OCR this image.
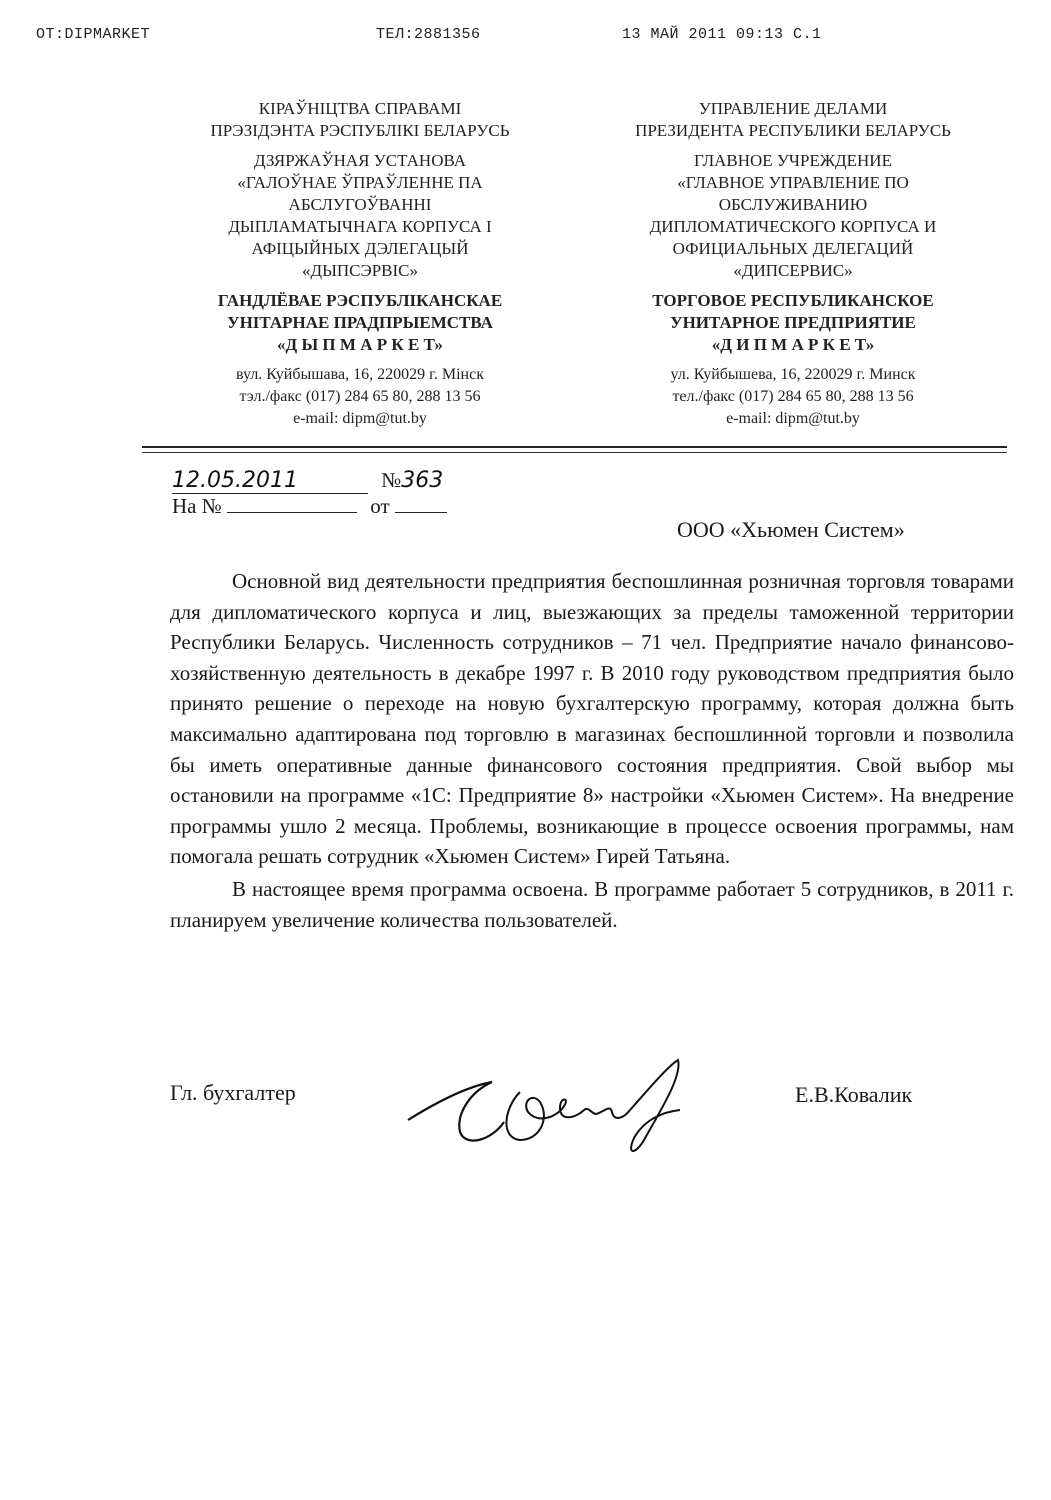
OT:DIPMARKET	ТЕЛ:2881356	13 МАЙ 2011 09:13 С.1
КІРАЎНІЦТВА СПРАВАМІ
ПРЭЗІДЭНТА РЭСПУБЛІКІ БЕЛАРУСЬ
ДЗЯРЖАЎНАЯ УСТАНОВА
«ГАЛОЎНАЕ ЎПРАЎЛЕННЕ ПА
АБСЛУГОЎВАННІ
ДЫПЛАМАТЫЧНАГА КОРПУСА І
АФІЦЫЙНЫХ ДЭЛЕГАЦЫЙ
«ДЫПСЭРВІС»
ГАНДЛЁВАЕ РЭСПУБЛІКАНСКАЕ
УНІТАРНАЕ ПРАДПРЫЕМСТВА
«Д Ы П М А Р К Е Т»
вул. Куйбышава, 16, 220029 г. Мінск
тэл./факс (017) 284 65 80, 288 13 56
e-mail: dipm@tut.by
УПРАВЛЕНИЕ ДЕЛАМИ
ПРЕЗИДЕНТА РЕСПУБЛИКИ БЕЛАРУСЬ
ГЛАВНОЕ УЧРЕЖДЕНИЕ
«ГЛАВНОЕ УПРАВЛЕНИЕ ПО
ОБСЛУЖИВАНИЮ
ДИПЛОМАТИЧЕСКОГО КОРПУСА И
ОФИЦИАЛЬНЫХ ДЕЛЕГАЦИЙ
«ДИПСЕРВИС»
ТОРГОВОЕ РЕСПУБЛИКАНСКОЕ
УНИТАРНОЕ ПРЕДПРИЯТИЕ
«Д И П М А Р К Е Т»
ул. Куйбышева, 16, 220029 г. Минск
тел./факс (017) 284 65 80, 288 13 56
e-mail: dipm@tut.by
12.05.2011	№363
На №	от
ООО «Хьюмен Систем»

Основной вид деятельности предприятия беспошлинная розничная торговля товарами для дипломатического корпуса и лиц, выезжающих за пределы таможенной территории Республики Беларусь. Численность сотрудников – 71 чел. Предприятие начало финансово-хозяйственную деятельность в декабре 1997 г. В 2010 году руководством предприятия было принято решение о переходе на новую бухгалтерскую программу, которая должна быть максимально адаптирована под торговлю в магазинах беспошлинной торговли и позволила бы иметь оперативные данные финансового состояния предприятия. Свой выбор мы остановили на программе «1С: Предприятие 8» настройки «Хьюмен Систем». На внедрение программы ушло 2 месяца. Проблемы, возникающие в процессе освоения программы, нам помогала решать сотрудник «Хьюмен Систем» Гирей Татьяна.

В настоящее время программа освоена. В программе работает 5 сотрудников, в 2011 г. планируем увеличение количества пользователей.

Гл. бухгалтер	Е.В.Ковалик
